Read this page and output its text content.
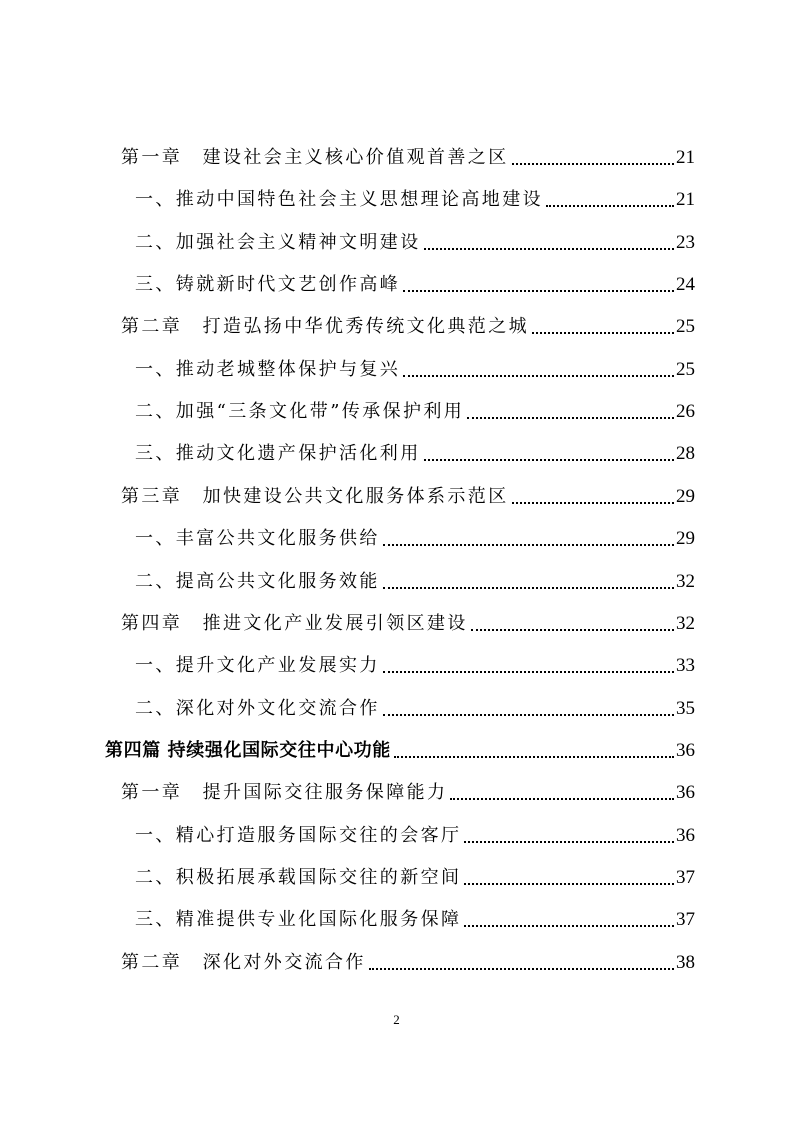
第一章　建设社会主义核心价值观首善之区	21
一、推动中国特色社会主义思想理论高地建设	21
二、加强社会主义精神文明建设	23
三、铸就新时代文艺创作高峰	24
第二章　打造弘扬中华优秀传统文化典范之城	25
一、推动老城整体保护与复兴	25
二、加强“三条文化带”传承保护利用	26
三、推动文化遗产保护活化利用	28
第三章　加快建设公共文化服务体系示范区	29
一、丰富公共文化服务供给	29
二、提高公共文化服务效能	32
第四章　推进文化产业发展引领区建设	32
一、提升文化产业发展实力	33
二、深化对外文化交流合作	35
第四篇 持续强化国际交往中心功能	36
第一章　提升国际交往服务保障能力	36
一、精心打造服务国际交往的会客厅	36
二、积极拓展承载国际交往的新空间	37
三、精准提供专业化国际化服务保障	37
第二章　深化对外交流合作	38
2
